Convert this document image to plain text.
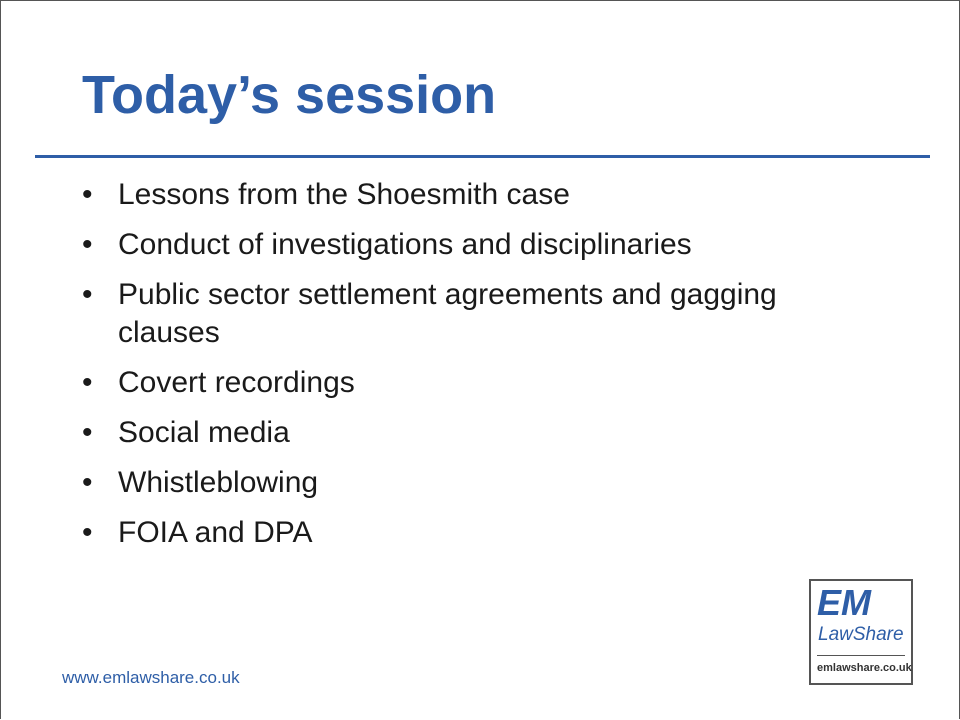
Today’s session
• Lessons from the Shoesmith case
• Conduct of investigations and disciplinaries
• Public sector settlement agreements and gagging clauses
• Covert recordings
• Social media
• Whistleblowing
• FOIA and DPA
www.emlawshare.co.uk
EM
LawShare
emlawshare.co.uk
